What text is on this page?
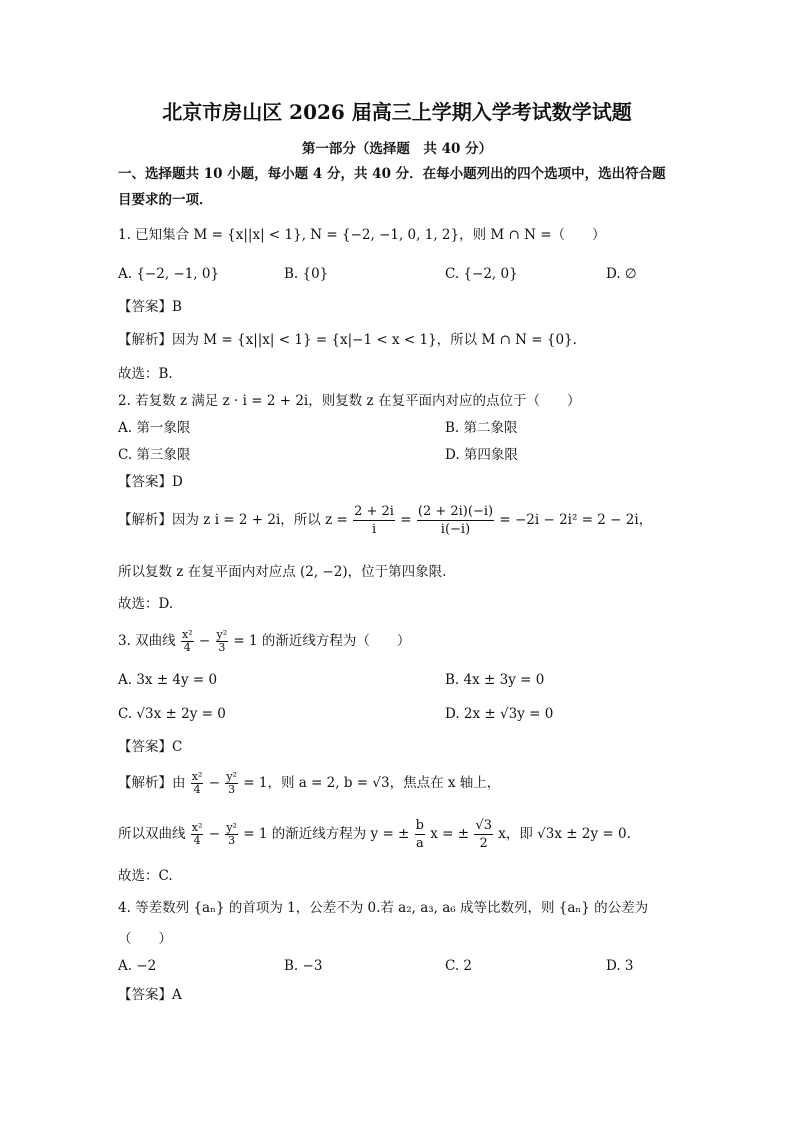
北京市房山区 2026 届高三上学期入学考试数学试题
第一部分（选择题　共 40 分）
一、选择题共 10 小题，每小题 4 分，共 40 分．在每小题列出的四个选项中，选出符合题
目要求的一项．
1. 已知集合 M = {x||x| < 1}, N = {−2, −1, 0, 1, 2}，则 M ∩ N =（　　）
A. {−2, −1, 0}	B. {0}	C. {−2, 0}	D. ∅
【答案】B
【解析】因为 M = {x||x| < 1} = {x|−1 < x < 1}，所以 M ∩ N = {0}.
故选：B.
2. 若复数 z 满足 z · i = 2 + 2i，则复数 z 在复平面内对应的点位于（　　）
A. 第一象限	B. 第二象限
C. 第三象限	D. 第四象限
【答案】D
【解析】因为 z i = 2 + 2i，所以 $z = \frac{2 + 2i}{i} = \frac{(2 + 2i)(-i)}{i(-i)} = -2i - 2i^2 = 2 - 2i$，
所以复数 z 在复平面内对应点 (2, −2)，位于第四象限.
故选：D.
3. 双曲线 $\frac{\text{x²}}{4} - \frac{\text{y²}}{3} = 1$ 的渐近线方程为（　　）
A. 3x ± 4y = 0	B. 4x ± 3y = 0
C. √3x ± 2y = 0	D. 2x ± √3y = 0
【答案】C
【解析】由 $\frac{\text{x²}}{4} - \frac{\text{y²}}{3} = 1$，则 a = 2, b = √3，焦点在 x 轴上，
所以双曲线 $\frac{\text{x²}}{4} - \frac{\text{y²}}{3} = 1$ 的渐近线方程为 y = ± $\frac{b}{a}$ x = ± $\frac{√3}{2}$ x，即 √3x ± 2y = 0.
故选：C.
4. 等差数列 {aₙ} 的首项为 1，公差不为 0.若 a₂, a₃, a₆ 成等比数列，则 {aₙ} 的公差为
（　　）
A. −2	B. −3	C. 2	D. 3
【答案】A
